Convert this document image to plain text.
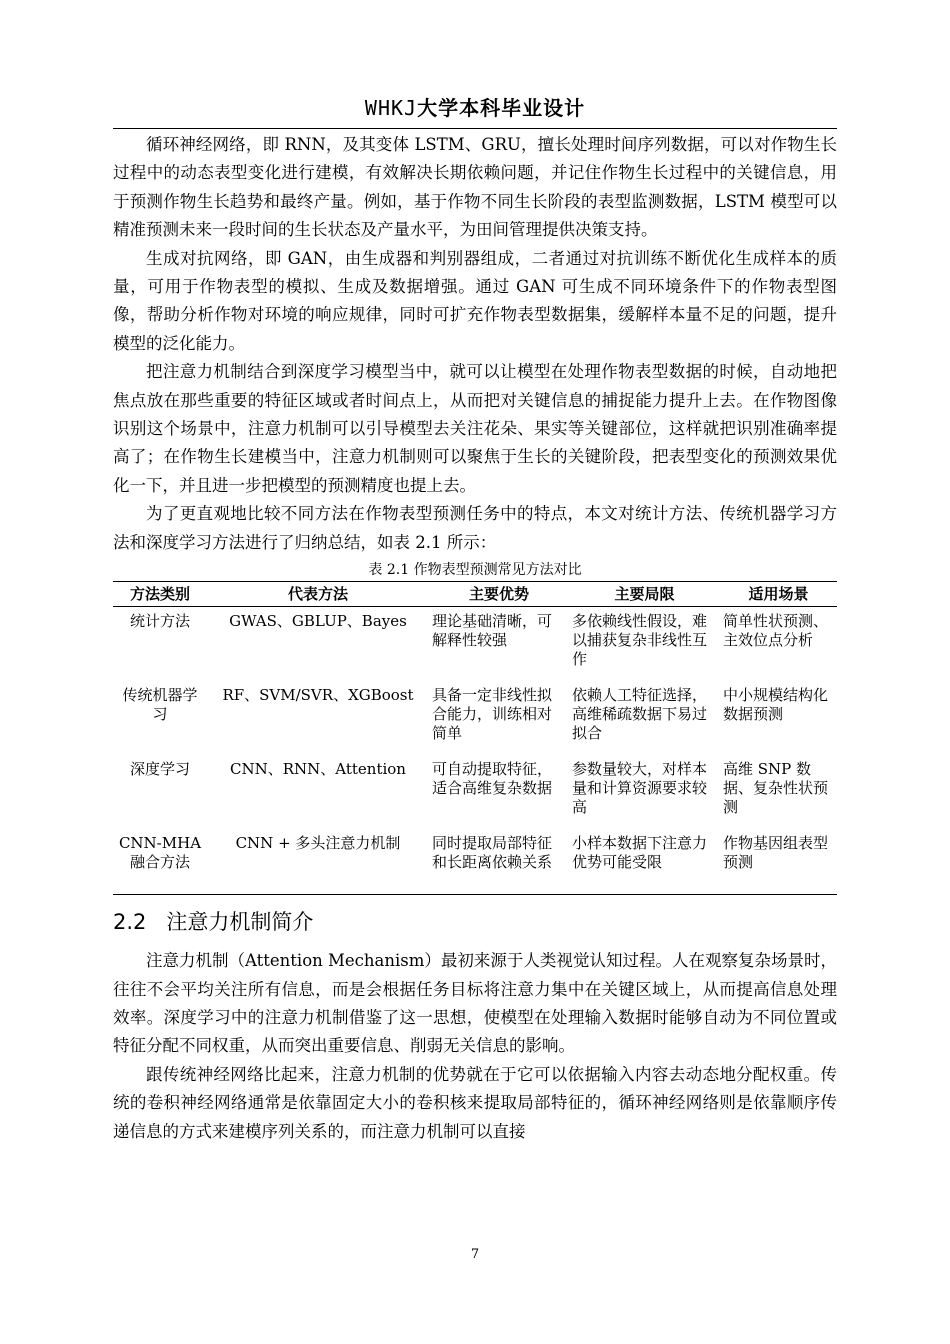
WHKJ大学本科毕业设计

循环神经网络，即 RNN，及其变体 LSTM、GRU，擅长处理时间序列数据，可以对作物生长过程中的动态表型变化进行建模，有效解决长期依赖问题，并记住作物生长过程中的关键信息，用于预测作物生长趋势和最终产量。例如，基于作物不同生长阶段的表型监测数据，LSTM 模型可以精准预测未来一段时间的生长状态及产量水平，为田间管理提供决策支持。

生成对抗网络，即 GAN，由生成器和判别器组成，二者通过对抗训练不断优化生成样本的质量，可用于作物表型的模拟、生成及数据增强。通过 GAN 可生成不同环境条件下的作物表型图像，帮助分析作物对环境的响应规律，同时可扩充作物表型数据集，缓解样本量不足的问题，提升模型的泛化能力。

把注意力机制结合到深度学习模型当中，就可以让模型在处理作物表型数据的时候，自动地把焦点放在那些重要的特征区域或者时间点上，从而把对关键信息的捕捉能力提升上去。在作物图像识别这个场景中，注意力机制可以引导模型去关注花朵、果实等关键部位，这样就把识别准确率提高了；在作物生长建模当中，注意力机制则可以聚焦于生长的关键阶段，把表型变化的预测效果优化一下，并且进一步把模型的预测精度也提上去。

为了更直观地比较不同方法在作物表型预测任务中的特点，本文对统计方法、传统机器学习方法和深度学习方法进行了归纳总结，如表 2.1 所示：

表 2.1 作物表型预测常见方法对比
方法类别	代表方法	主要优势	主要局限	适用场景
统计方法	GWAS、GBLUP、Bayes	理论基础清晰，可解释性较强	多依赖线性假设，难以捕获复杂非线性互作	简单性状预测、主效位点分析
传统机器学习	RF、SVM/SVR、XGBoost	具备一定非线性拟合能力，训练相对简单	依赖人工特征选择，高维稀疏数据下易过拟合	中小规模结构化数据预测
深度学习	CNN、RNN、Attention	可自动提取特征，适合高维复杂数据	参数量较大，对样本量和计算资源要求较高	高维 SNP 数据、复杂性状预测
CNN-MHA 融合方法	CNN + 多头注意力机制	同时提取局部特征和长距离依赖关系	小样本数据下注意力优势可能受限	作物基因组表型预测
2.2 注意力机制简介

注意力机制（Attention Mechanism）最初来源于人类视觉认知过程。人在观察复杂场景时，往往不会平均关注所有信息，而是会根据任务目标将注意力集中在关键区域上，从而提高信息处理效率。深度学习中的注意力机制借鉴了这一思想，使模型在处理输入数据时能够自动为不同位置或特征分配不同权重，从而突出重要信息、削弱无关信息的影响。

跟传统神经网络比起来，注意力机制的优势就在于它可以依据输入内容去动态地分配权重。传统的卷积神经网络通常是依靠固定大小的卷积核来提取局部特征的，循环神经网络则是依靠顺序传递信息的方式来建模序列关系的，而注意力机制可以直接

7
